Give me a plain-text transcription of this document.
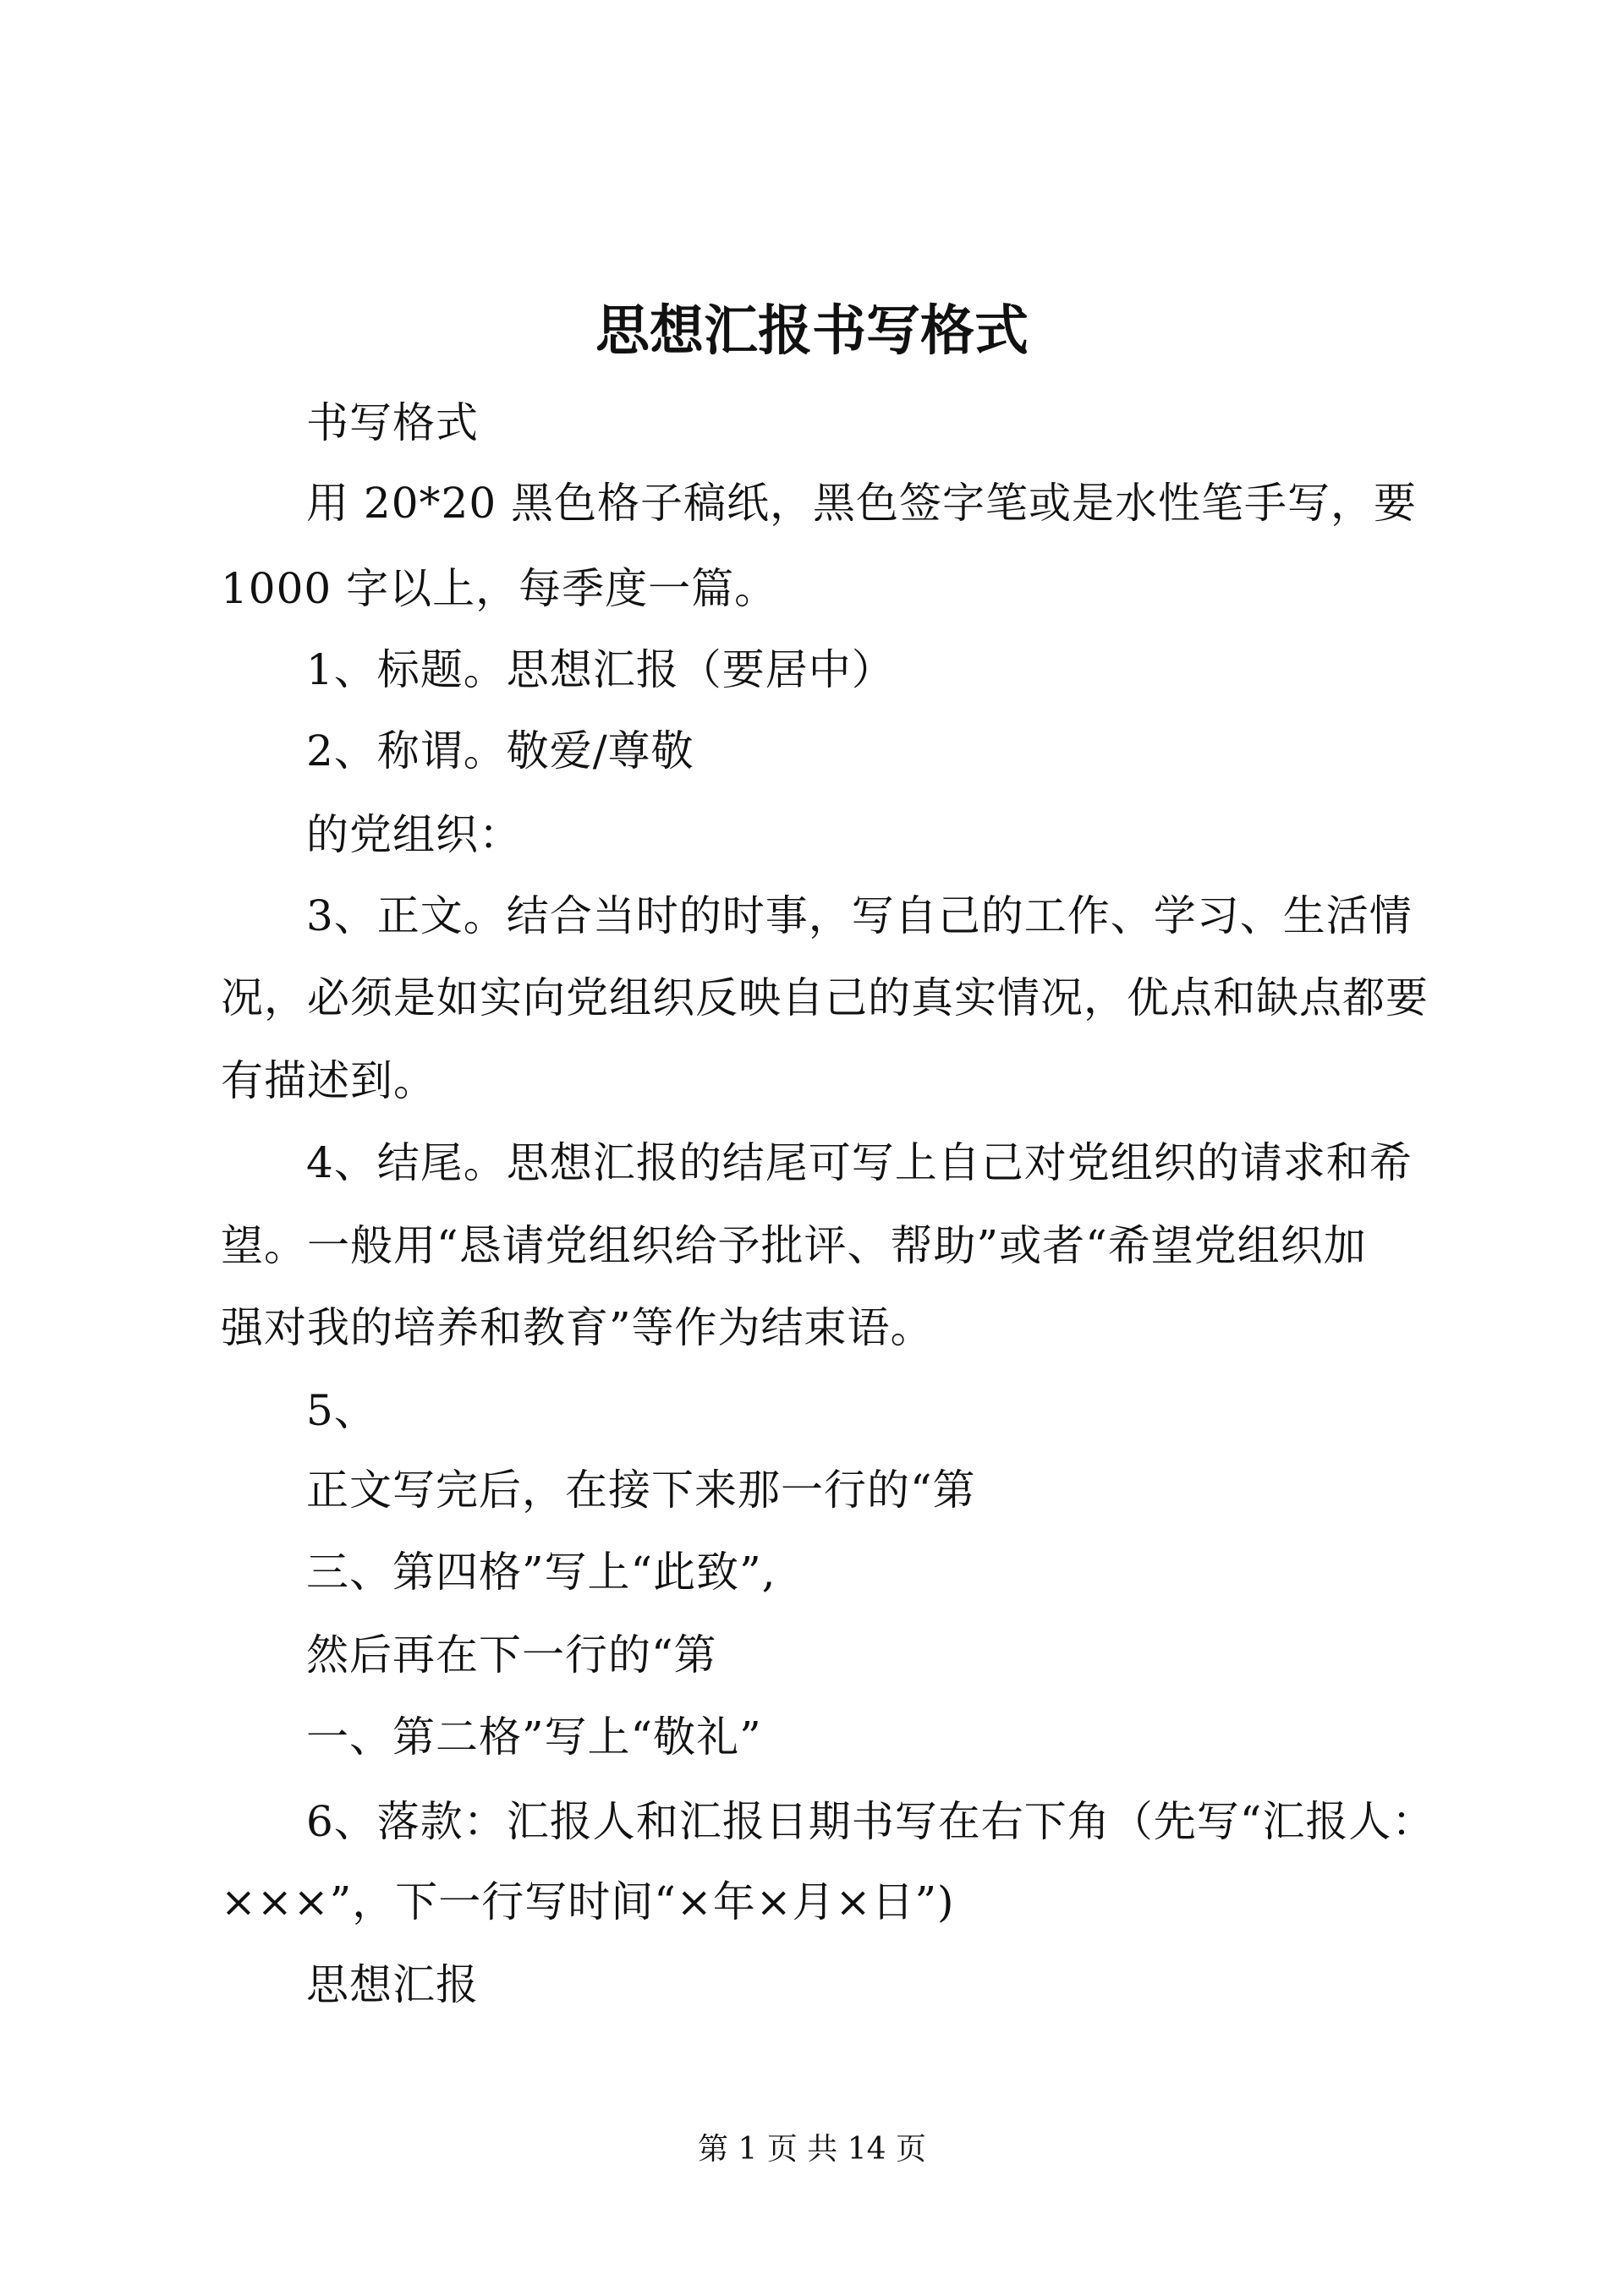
思想汇报书写格式
书写格式
用 20*20 黑色格子稿纸，黑色签字笔或是水性笔手写，要
1000 字以上，每季度一篇。
1、标题。思想汇报（要居中）
2、称谓。敬爱/尊敬
的党组织：
3、正文。结合当时的时事，写自己的工作、学习、生活情
况，必须是如实向党组织反映自己的真实情况，优点和缺点都要
有描述到。
4、结尾。思想汇报的结尾可写上自己对党组织的请求和希
望。一般用“恳请党组织给予批评、帮助”或者“希望党组织加
强对我的培养和教育”等作为结束语。
5、
正文写完后，在接下来那一行的“第
三、第四格”写上“此致”,
然后再在下一行的“第
一、第二格”写上“敬礼”
6、落款：汇报人和汇报日期书写在右下角（先写“汇报人：
×××”，下一行写时间“×年×月×日”)
思想汇报
第 1 页 共 14 页
